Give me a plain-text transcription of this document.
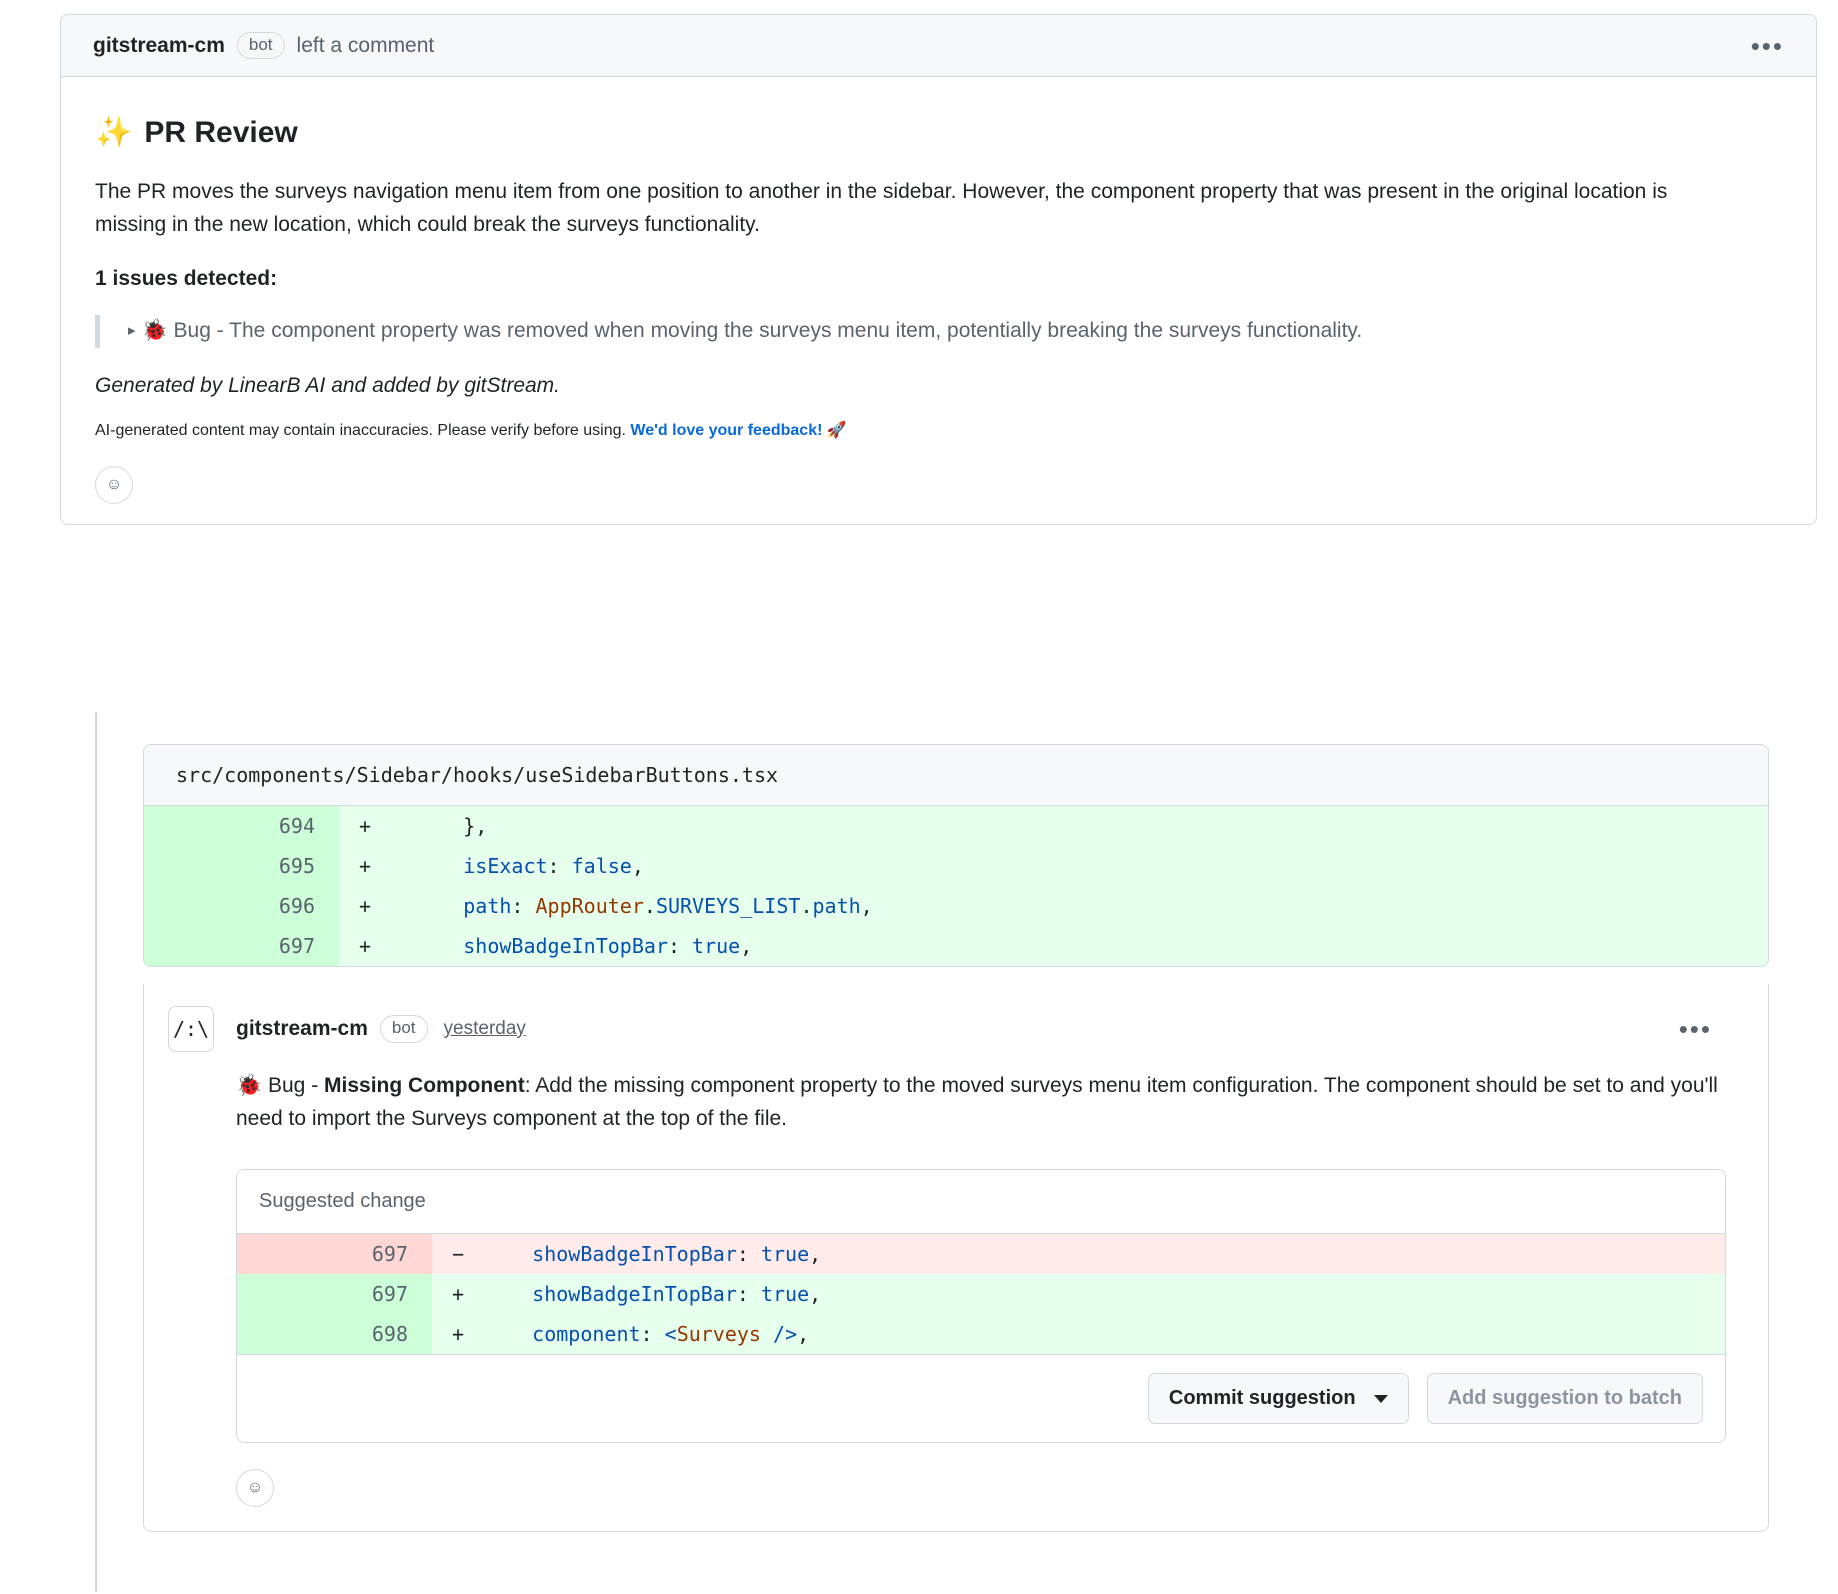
gitstream-cm	bot	left a comment	•••
✨ PR Review

The PR moves the surveys navigation menu item from one position to another in the sidebar. However, the component property that was present in the original location is missing in the new location, which could break the surveys functionality.

1 issues detected:
▸ 🐞 Bug - The component property was removed when moving the surveys menu item, potentially breaking the surveys functionality.
Generated by LinearB AI and added by gitStream.
AI-generated content may contain inaccuracies. Please verify before using. We'd love your feedback! 🚀
☺
src/components/Sidebar/hooks/useSidebarButtons.tsx
694	+	},
695	+	isExact: false,
696	+	path: AppRouter.SURVEYS_LIST.path,
697	+	showBadgeInTopBar: true,
/:\ gitstream-cm	bot	yesterday	•••
🐞 Bug - Missing Component: Add the missing component property to the moved surveys menu item configuration. The component should be set to and you'll need to import the Surveys component at the top of the file.
Suggested change
697	−	showBadgeInTopBar: true,
697	+	showBadgeInTopBar: true,
698	+	component: <Surveys />,
Commit suggestion	Add suggestion to batch
☺
